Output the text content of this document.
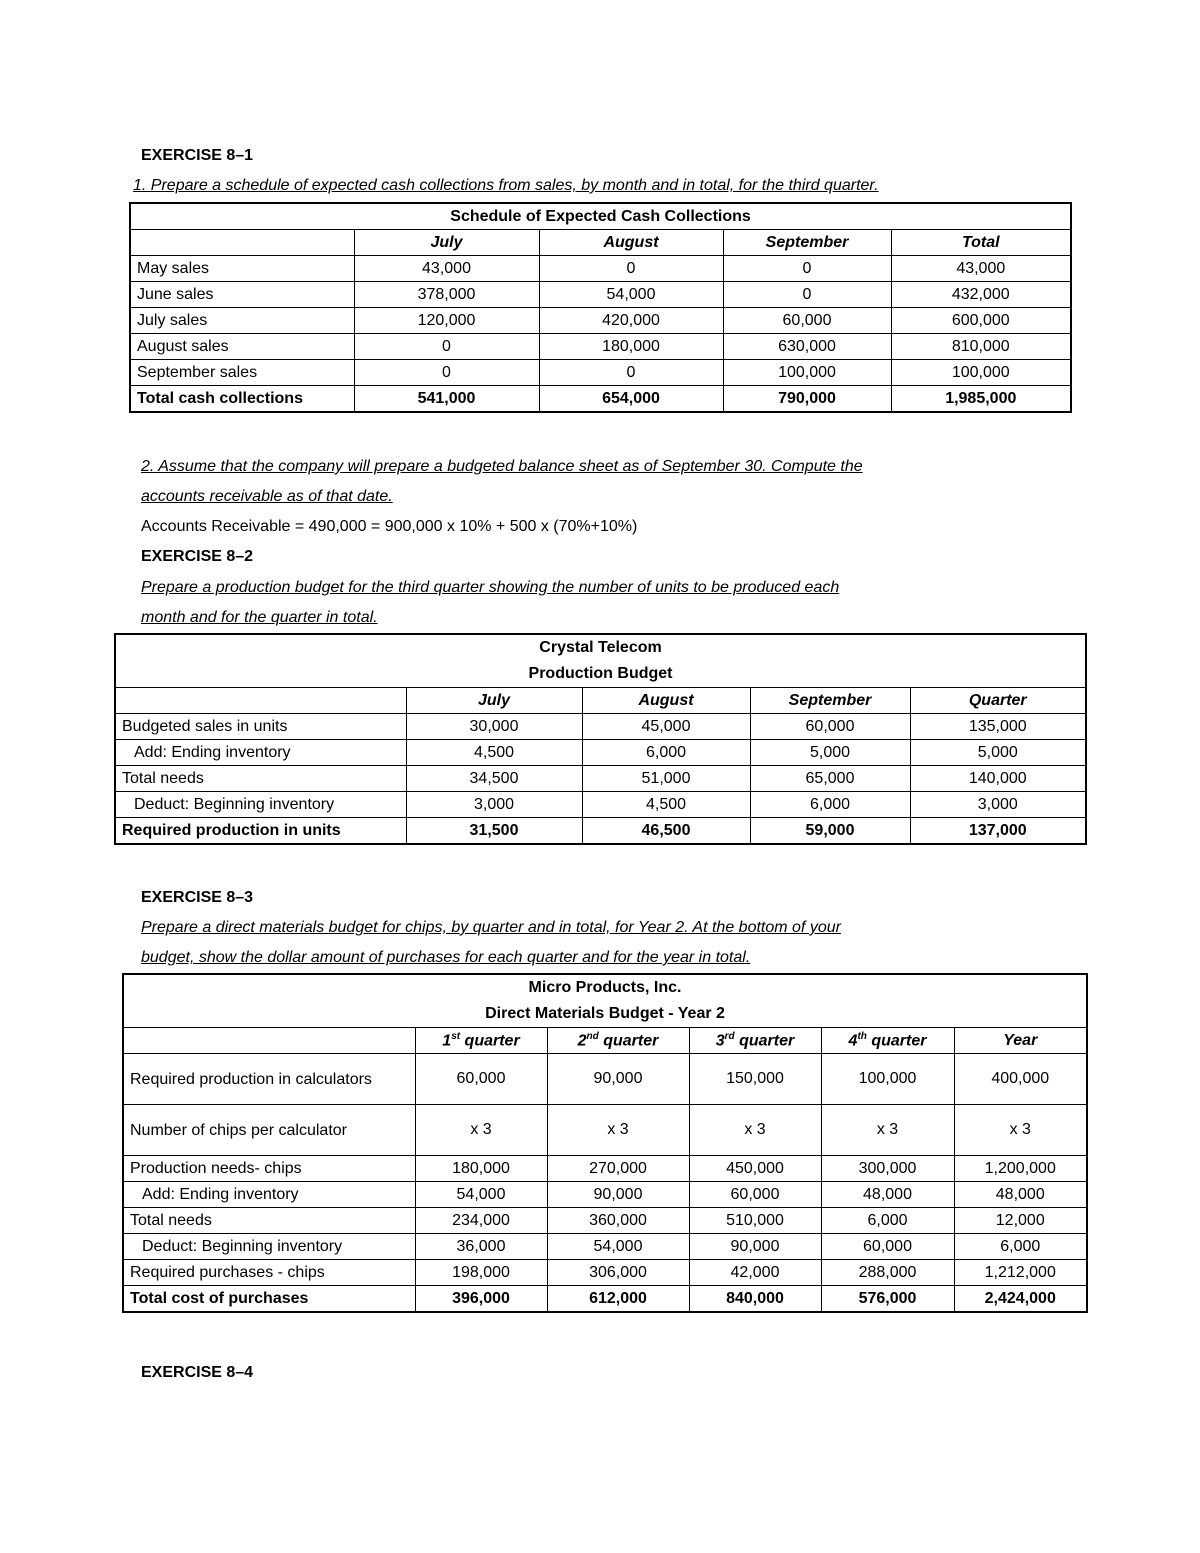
EXERCISE 8–1
1. Prepare a schedule of expected cash collections from sales, by month and in total, for the third quarter.
Schedule of Expected Cash Collections				
	July	August	September	Total
May sales	43,000	0	0	43,000
June sales	378,000	54,000	0	432,000
July sales	120,000	420,000	60,000	600,000
August sales	0	180,000	630,000	810,000
September sales	0	0	100,000	100,000
Total cash collections	541,000	654,000	790,000	1,985,000
2. Assume that the company will prepare a budgeted balance sheet as of September 30. Compute the
accounts receivable as of that date.
Accounts Receivable = 490,000 = 900,000 x 10% + 500 x (70%+10%)
EXERCISE 8–2
Prepare a production budget for the third quarter showing the number of units to be produced each
month and for the quarter in total.
Crystal Telecom
Production Budget				

	July	August	September	Quarter
Budgeted sales in units	30,000	45,000	60,000	135,000
Add: Ending inventory	4,500	6,000	5,000	5,000
Total needs	34,500	51,000	65,000	140,000
Deduct: Beginning inventory	3,000	4,500	6,000	3,000
Required production in units	31,500	46,500	59,000	137,000
EXERCISE 8–3
Prepare a direct materials budget for chips, by quarter and in total, for Year 2. At the bottom of your
budget, show the dollar amount of purchases for each quarter and for the year in total.
Micro Products, Inc.
Direct Materials Budget - Year 2					

	1st quarter	2nd quarter	3rd quarter	4th quarter	Year
Required production in calculators	60,000	90,000	150,000	100,000	400,000
Number of chips per calculator	x 3	x 3	x 3	x 3	x 3
Production needs- chips	180,000	270,000	450,000	300,000	1,200,000
Add: Ending inventory	54,000	90,000	60,000	48,000	48,000
Total needs	234,000	360,000	510,000	6,000	12,000
Deduct: Beginning inventory	36,000	54,000	90,000	60,000	6,000
Required purchases - chips	198,000	306,000	42,000	288,000	1,212,000
Total cost of purchases	396,000	612,000	840,000	576,000	2,424,000
EXERCISE 8–4
